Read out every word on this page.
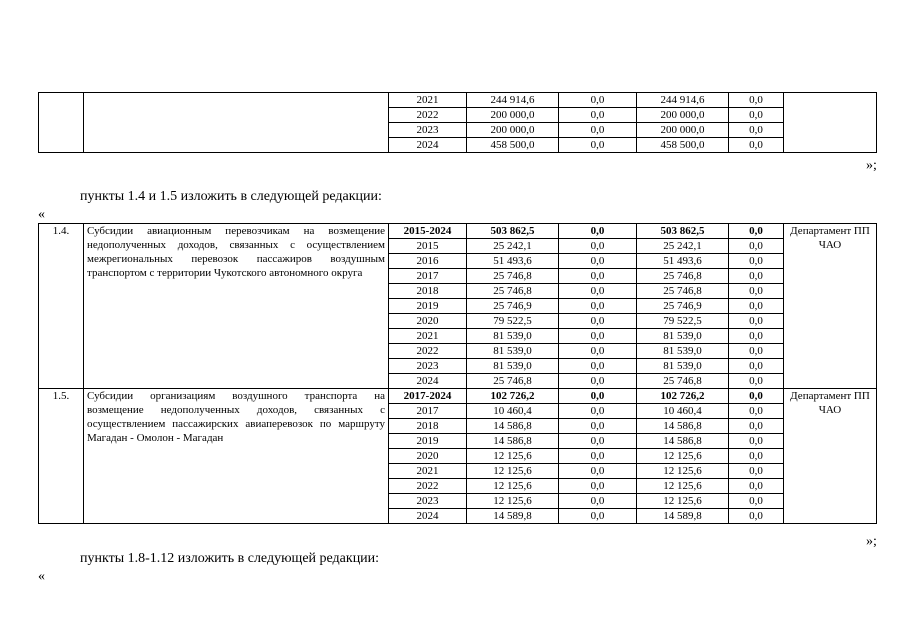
		2021	244 914,6	0,0	244 914,6	0,0	
		2022	200 000,0	0,0	200 000,0	0,0	
		2023	200 000,0	0,0	200 000,0	0,0	
		2024	458 500,0	0,0	458 500,0	0,0	
»;
пункты 1.4 и 1.5 изложить в следующей редакции:
«
1.4.	Субсидии авиационным перевозчикам на возмещение недополученных доходов, связанных с осуществлением межрегиональных перевозок пассажиров воздушным транспортом с территории Чукотского автономного округа	2015-2024	503 862,5	0,0	503 862,5	0,0	Департамент ПП ЧАО
		2015	25 242,1	0,0	25 242,1	0,0	
		2016	51 493,6	0,0	51 493,6	0,0	
		2017	25 746,8	0,0	25 746,8	0,0	
		2018	25 746,8	0,0	25 746,8	0,0	
		2019	25 746,9	0,0	25 746,9	0,0	
		2020	79 522,5	0,0	79 522,5	0,0	
		2021	81 539,0	0,0	81 539,0	0,0	
		2022	81 539,0	0,0	81 539,0	0,0	
		2023	81 539,0	0,0	81 539,0	0,0	
		2024	25 746,8	0,0	25 746,8	0,0	
1.5.	Субсидии организациям воздушного транспорта на возмещение недополученных доходов, связанных с осуществлением пассажирских авиаперевозок по маршруту Магадан - Омолон - Магадан	2017-2024	102 726,2	0,0	102 726,2	0,0	Департамент ПП ЧАО
		2017	10 460,4	0,0	10 460,4	0,0	
		2018	14 586,8	0,0	14 586,8	0,0	
		2019	14 586,8	0,0	14 586,8	0,0	
		2020	12 125,6	0,0	12 125,6	0,0	
		2021	12 125,6	0,0	12 125,6	0,0	
		2022	12 125,6	0,0	12 125,6	0,0	
		2023	12 125,6	0,0	12 125,6	0,0	
		2024	14 589,8	0,0	14 589,8	0,0	
»;
пункты 1.8-1.12 изложить в следующей редакции:
«
